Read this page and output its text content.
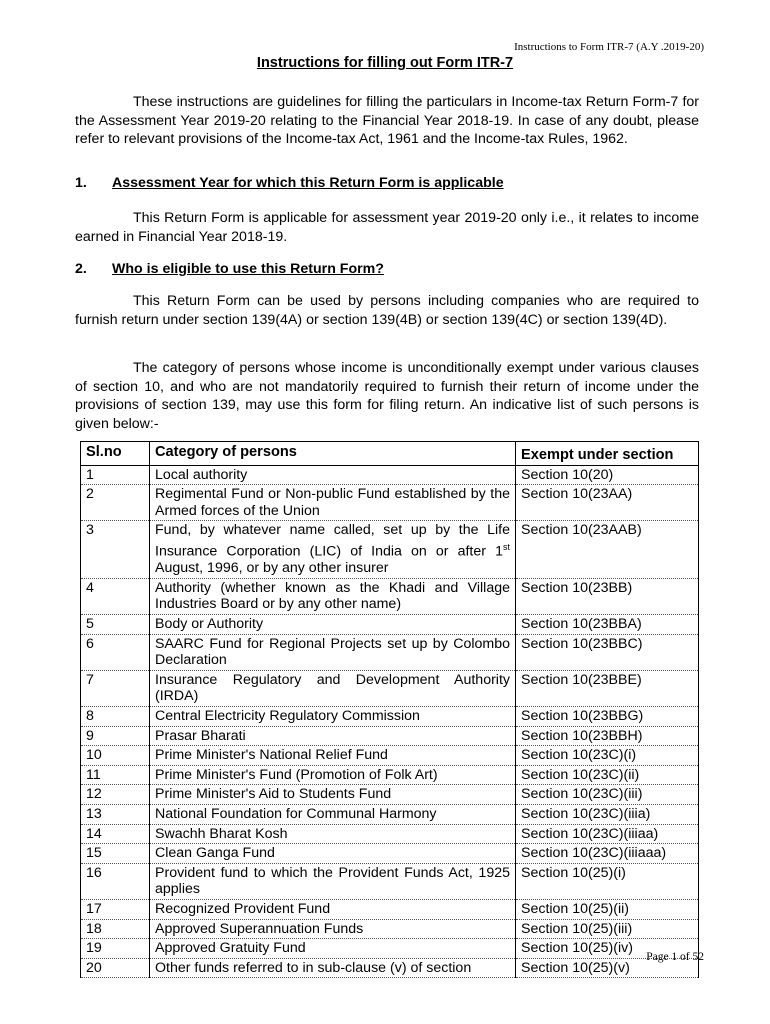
Instructions to Form ITR-7 (A.Y .2019-20)
Instructions for filling out Form ITR-7

These instructions are guidelines for filling the particulars in Income-tax Return Form-7 for the Assessment Year 2019-20 relating to the Financial Year 2018-19. In case of any doubt, please refer to relevant provisions of the Income-tax Act, 1961 and the Income-tax Rules, 1962.

1. Assessment Year for which this Return Form is applicable

This Return Form is applicable for assessment year 2019-20 only i.e., it relates to income earned in Financial Year 2018-19.

2. Who is eligible to use this Return Form?

This Return Form can be used by persons including companies who are required to furnish return under section 139(4A) or section 139(4B) or section 139(4C) or section 139(4D).

The category of persons whose income is unconditionally exempt under various clauses of section 10, and who are not mandatorily required to furnish their return of income under the provisions of section 139, may use this form for filing return. An indicative list of such persons is given below:-

Sl.no	Category of persons	Exempt under section
1	Local authority	Section 10(20)
2	Regimental Fund or Non-public Fund established by the Armed forces of the Union	Section 10(23AA)
3	Fund, by whatever name called, set up by the Life Insurance Corporation (LIC) of India on or after 1st August, 1996, or by any other insurer	Section 10(23AAB)
4	Authority (whether known as the Khadi and Village Industries Board or by any other name)	Section 10(23BB)
5	Body or Authority	Section 10(23BBA)
6	SAARC Fund for Regional Projects set up by Colombo Declaration	Section 10(23BBC)
7	Insurance Regulatory and Development Authority (IRDA)	Section 10(23BBE)
8	Central Electricity Regulatory Commission	Section 10(23BBG)
9	Prasar Bharati	Section 10(23BBH)
10	Prime Minister's National Relief Fund	Section 10(23C)(i)
11	Prime Minister's Fund (Promotion of Folk Art)	Section 10(23C)(ii)
12	Prime Minister's Aid to Students Fund	Section 10(23C)(iii)
13	National Foundation for Communal Harmony	Section 10(23C)(iiia)
14	Swachh Bharat Kosh	Section 10(23C)(iiiaa)
15	Clean Ganga Fund	Section 10(23C)(iiiaaa)
16	Provident fund to which the Provident Funds Act, 1925 applies	Section 10(25)(i)
17	Recognized Provident Fund	Section 10(25)(ii)
18	Approved Superannuation Funds	Section 10(25)(iii)
19	Approved Gratuity Fund	Section 10(25)(iv)
20	Other funds referred to in sub-clause (v) of section	Section 10(25)(v)
Page 1 of 52
